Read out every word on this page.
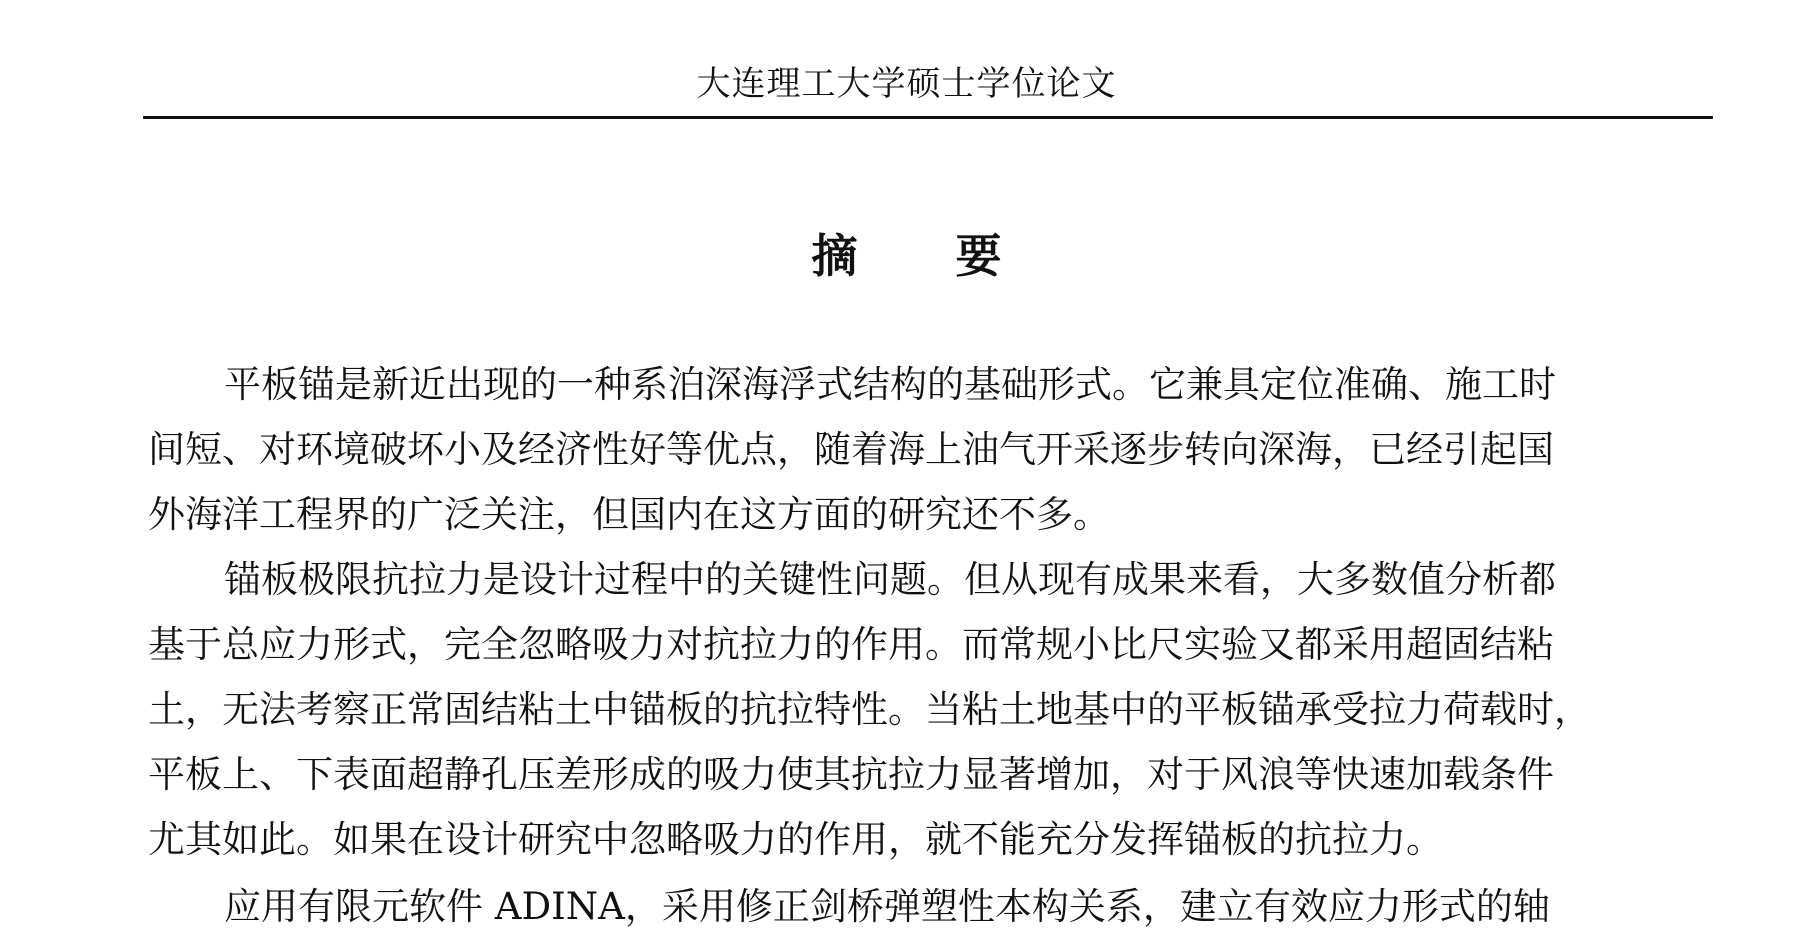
大连理工大学硕士学位论文
摘 要
平板锚是新近出现的一种系泊深海浮式结构的基础形式。它兼具定位准确、施工时
间短、对环境破坏小及经济性好等优点，随着海上油气开采逐步转向深海，已经引起国
外海洋工程界的广泛关注，但国内在这方面的研究还不多。
锚板极限抗拉力是设计过程中的关键性问题。但从现有成果来看，大多数值分析都
基于总应力形式，完全忽略吸力对抗拉力的作用。而常规小比尺实验又都采用超固结粘
土，无法考察正常固结粘土中锚板的抗拉特性。当粘土地基中的平板锚承受拉力荷载时，
平板上、下表面超静孔压差形成的吸力使其抗拉力显著增加，对于风浪等快速加载条件
尤其如此。如果在设计研究中忽略吸力的作用，就不能充分发挥锚板的抗拉力。
应用有限元软件 ADINA，采用修正剑桥弹塑性本构关系，建立有效应力形式的轴
